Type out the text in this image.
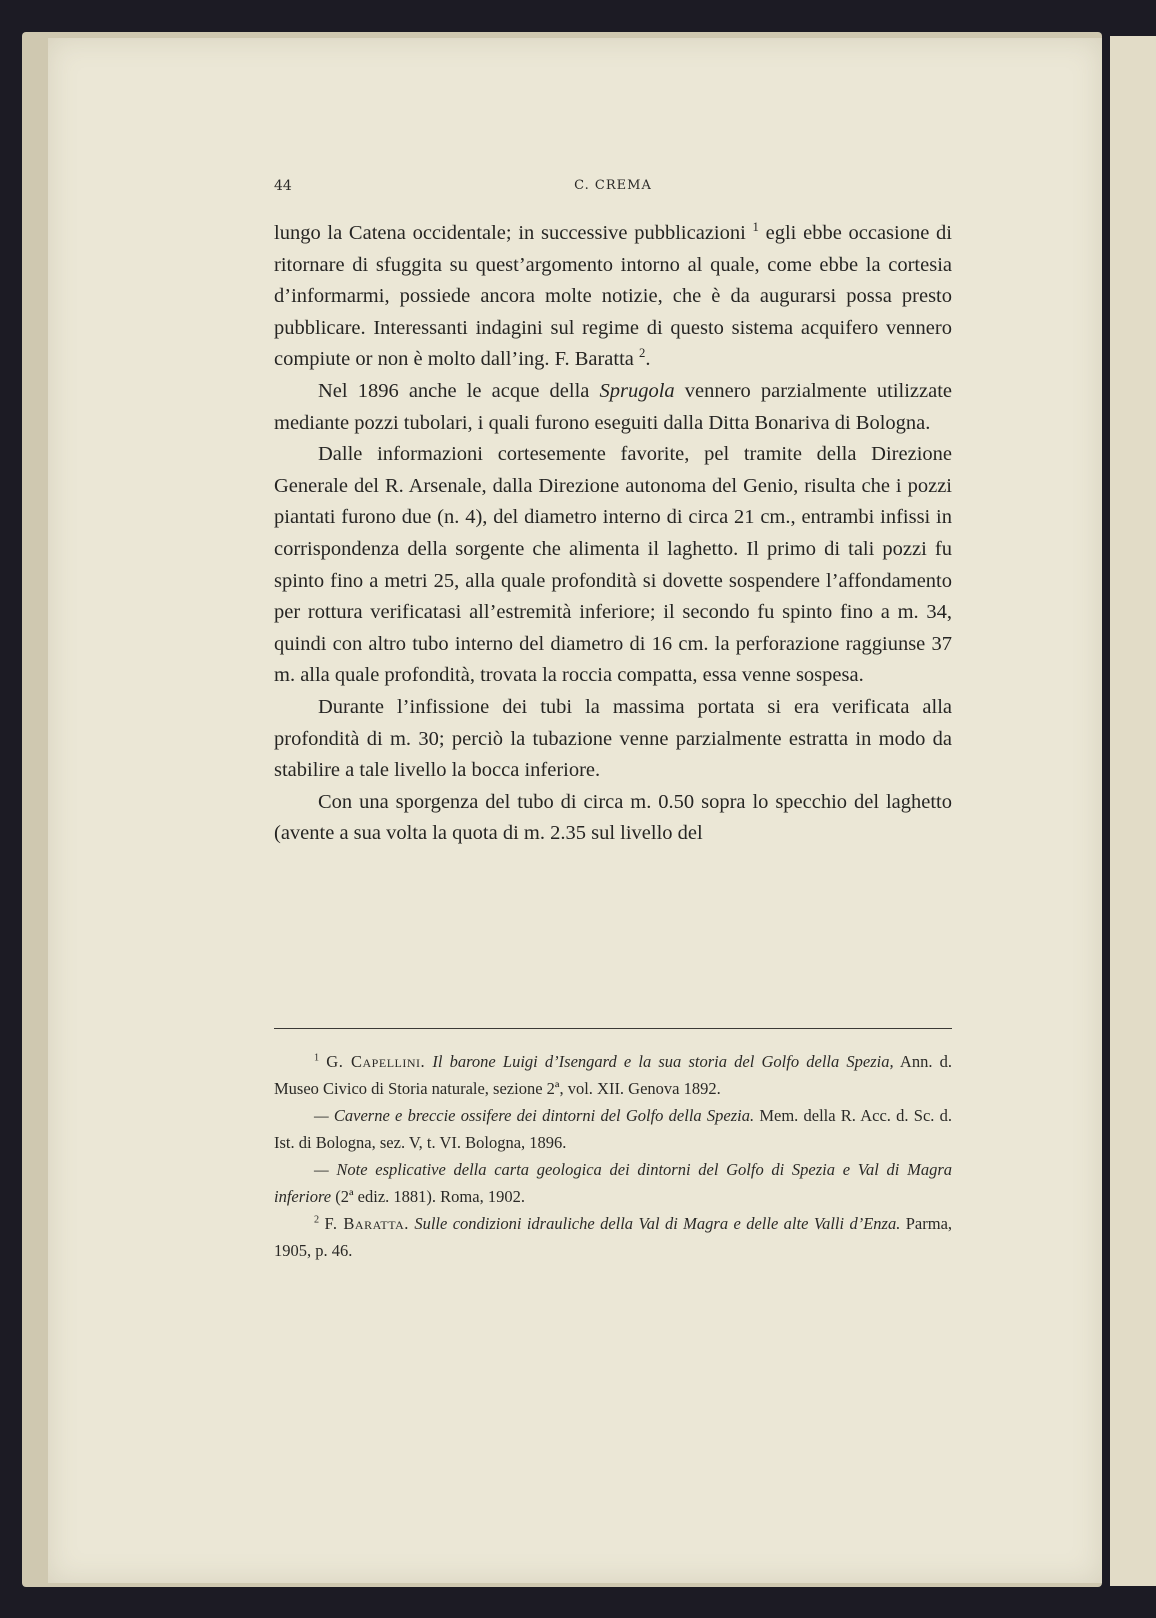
44	C. CREMA

lungo la Catena occidentale; in successive pubblicazioni $^1$ egli ebbe occasione di ritornare di sfuggita su quest’argomento intorno al quale, come ebbe la cortesia d’informarmi, possiede ancora molte notizie, che è da augurarsi possa presto pubblicare. Interessanti indagini sul regime di questo sistema acquifero vennero compiute or non è molto dall’ing. F. Baratta $^2$.

Nel 1896 anche le acque della Sprugola vennero parzialmente utilizzate mediante pozzi tubolari, i quali furono eseguiti dalla Ditta Bonariva di Bologna.

Dalle informazioni cortesemente favorite, pel tramite della Direzione Generale del R. Arsenale, dalla Direzione autonoma del Genio, risulta che i pozzi piantati furono due (n. 4), del diametro interno di circa 21 cm., entrambi infissi in corrispondenza della sorgente che alimenta il laghetto. Il primo di tali pozzi fu spinto fino a metri 25, alla quale profondità si dovette sospendere l’affondamento per rottura verificatasi all’estremità inferiore; il secondo fu spinto fino a m. 34, quindi con altro tubo interno del diametro di 16 cm. la perforazione raggiunse 37 m. alla quale profondità, trovata la roccia compatta, essa venne sospesa.

Durante l’infissione dei tubi la massima portata si era verificata alla profondità di m. 30; perciò la tubazione venne parzialmente estratta in modo da stabilire a tale livello la bocca inferiore.

Con una sporgenza del tubo di circa m. 0.50 sopra lo specchio del laghetto (avente a sua volta la quota di m. 2.35 sul livello del

$^1$ G. Capellini. Il barone Luigi d’Isengard e la sua storia del Golfo della Spezia, Ann. d. Museo Civico di Storia naturale, sezione 2ª, vol. XII. Genova 1892.

— Caverne e breccie ossifere dei dintorni del Golfo della Spezia. Mem. della R. Acc. d. Sc. d. Ist. di Bologna, sez. V, t. VI. Bologna, 1896.

— Note esplicative della carta geologica dei dintorni del Golfo di Spezia e Val di Magra inferiore (2ª ediz. 1881). Roma, 1902.

$^2$ F. Baratta. Sulle condizioni idrauliche della Val di Magra e delle alte Valli d’Enza. Parma, 1905, p. 46.
